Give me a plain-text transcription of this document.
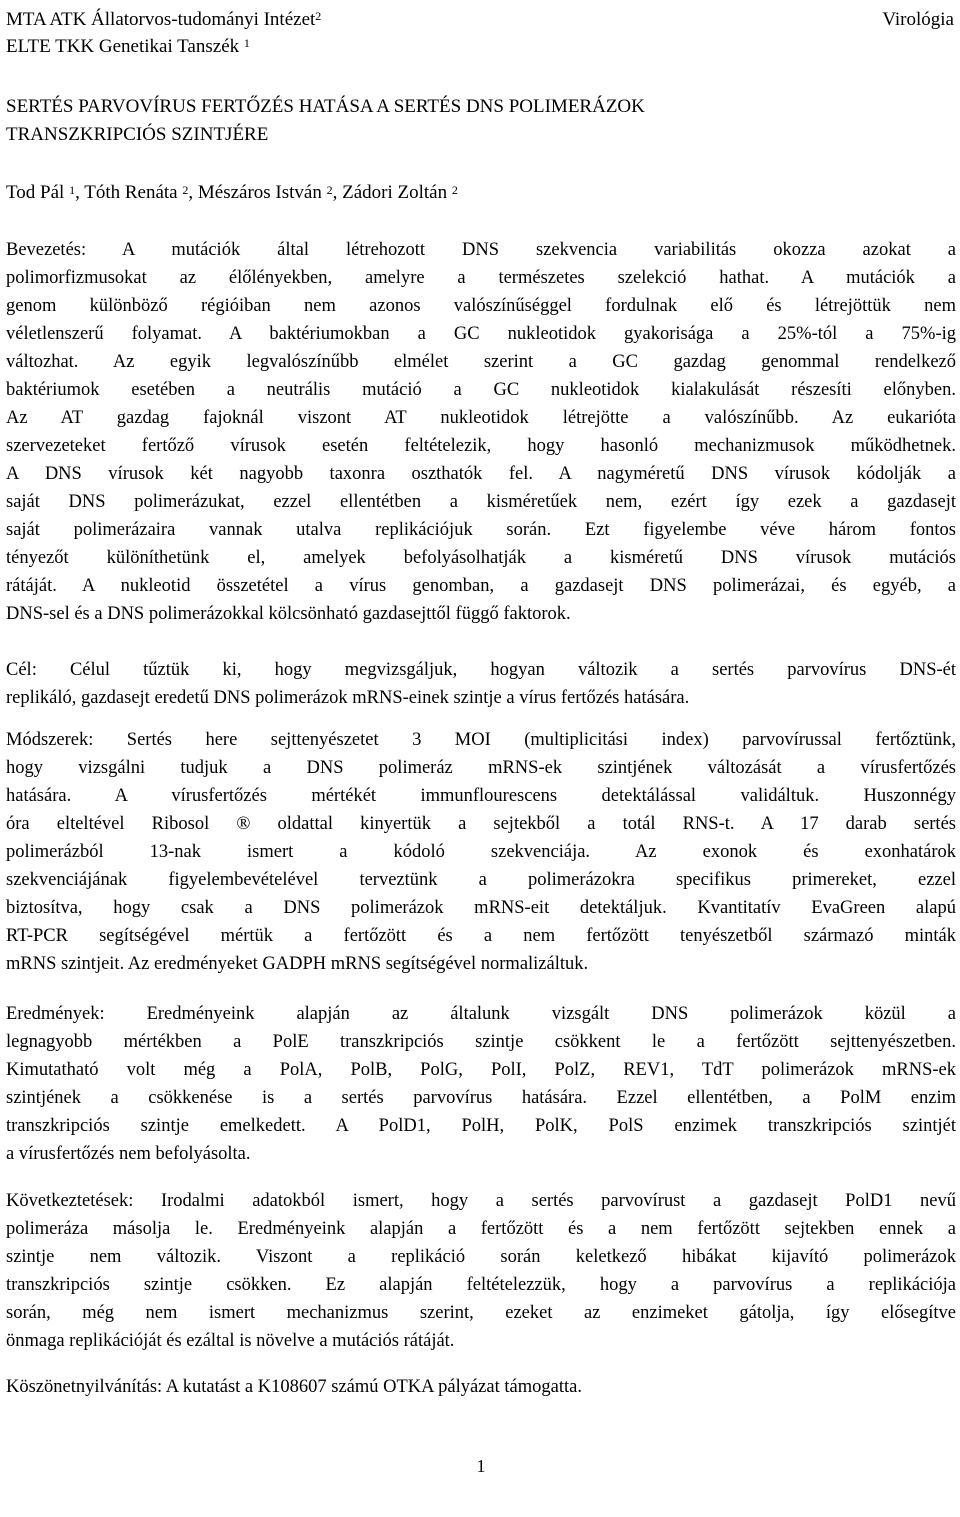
MTA ATK Állatorvos-tudományi Intézet$^2$
ELTE TKK Genetikai Tanszék $^1$
Virológia
SERTÉS PARVOVÍRUS FERTŐZÉS HATÁSA A SERTÉS DNS POLIMERÁZOK
TRANSZKRIPCIÓS SZINTJÉRE
Tod Pál $^1$, Tóth Renáta $^2$, Mészáros István $^2$, Zádori Zoltán $^2$
Bevezetés: A mutációk által létrehozott DNS szekvencia variabilitás okozza azokat a
polimorfizmusokat az élőlényekben, amelyre a természetes szelekció hathat. A mutációk a
genom különböző régióiban nem azonos valószínűséggel fordulnak elő és létrejöttük nem
véletlenszerű folyamat. A baktériumokban a GC nukleotidok gyakorisága a 25%-tól a 75%-ig
változhat. Az egyik legvalószínűbb elmélet szerint a GC gazdag genommal rendelkező
baktériumok esetében a neutrális mutáció a GC nukleotidok kialakulását részesíti előnyben.
Az AT gazdag fajoknál viszont AT nukleotidok létrejötte a valószínűbb. Az eukarióta
szervezeteket fertőző vírusok esetén feltételezik, hogy hasonló mechanizmusok működhetnek.
A DNS vírusok két nagyobb taxonra oszthatók fel. A nagyméretű DNS vírusok kódolják a
saját DNS polimerázukat, ezzel ellentétben a kisméretűek nem, ezért így ezek a gazdasejt
saját polimerázaira vannak utalva replikációjuk során. Ezt figyelembe véve három fontos
tényezőt különíthetünk el, amelyek befolyásolhatják a kisméretű DNS vírusok mutációs
rátáját. A nukleotid összetétel a vírus genomban, a gazdasejt DNS polimerázai, és egyéb, a
DNS-sel és a DNS polimerázokkal kölcsönható gazdasejttől függő faktorok.
Cél: Célul tűztük ki, hogy megvizsgáljuk, hogyan változik a sertés parvovírus DNS-ét
replikáló, gazdasejt eredetű DNS polimerázok mRNS-einek szintje a vírus fertőzés hatására.
Módszerek: Sertés here sejttenyészetet 3 MOI (multiplicitási index) parvovírussal fertőztünk,
hogy vizsgálni tudjuk a DNS polimeráz mRNS-ek szintjének változását a vírusfertőzés
hatására. A vírusfertőzés mértékét immunflourescens detektálással validáltuk. Huszonnégy
óra elteltével Ribosol ® oldattal kinyertük a sejtekből a totál RNS-t. A 17 darab sertés
polimerázból 13-nak ismert a kódoló szekvenciája. Az exonok és exonhatárok
szekvenciájának figyelembevételével terveztünk a polimerázokra specifikus primereket, ezzel
biztosítva, hogy csak a DNS polimerázok mRNS-eit detektáljuk. Kvantitatív EvaGreen alapú
RT-PCR segítségével mértük a fertőzött és a nem fertőzött tenyészetből származó minták
mRNS szintjeit. Az eredményeket GADPH mRNS segítségével normalizáltuk.
Eredmények: Eredményeink alapján az általunk vizsgált DNS polimerázok közül a
legnagyobb mértékben a PolE transzkripciós szintje csökkent le a fertőzött sejttenyészetben.
Kimutatható volt még a PolA, PolB, PolG, PolI, PolZ, REV1, TdT polimerázok mRNS-ek
szintjének a csökkenése is a sertés parvovírus hatására. Ezzel ellentétben, a PolM enzim
transzkripciós szintje emelkedett. A PolD1, PolH, PolK, PolS enzimek transzkripciós szintjét
a vírusfertőzés nem befolyásolta.
Következtetések: Irodalmi adatokból ismert, hogy a sertés parvovírust a gazdasejt PolD1 nevű
polimeráza másolja le. Eredményeink alapján a fertőzött és a nem fertőzött sejtekben ennek a
szintje nem változik. Viszont a replikáció során keletkező hibákat kijavító polimerázok
transzkripciós szintje csökken. Ez alapján feltételezzük, hogy a parvovírus a replikációja
során, még nem ismert mechanizmus szerint, ezeket az enzimeket gátolja, így elősegítve
önmaga replikációját és ezáltal is növelve a mutációs rátáját.
Köszönetnyilvánítás: A kutatást a K108607 számú OTKA pályázat támogatta.
1
